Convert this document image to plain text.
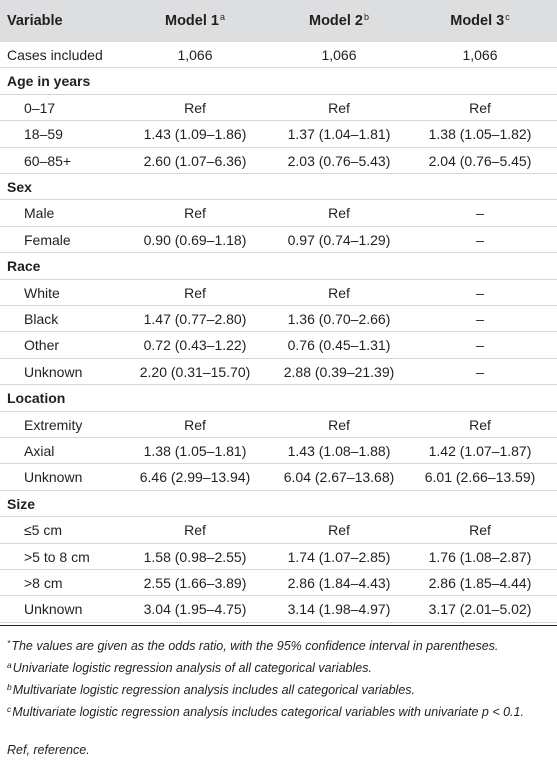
Variable	Model 1$^a$	Model 2$^b$	Model 3$^c$
Cases included	1,066	1,066	1,066
Age in years
0–17	Ref	Ref	Ref
18–59	1.43 (1.09–1.86)	1.37 (1.04–1.81)	1.38 (1.05–1.82)
60–85+	2.60 (1.07–6.36)	2.03 (0.76–5.43)	2.04 (0.76–5.45)
Sex
Male	Ref	Ref	–
Female	0.90 (0.69–1.18)	0.97 (0.74–1.29)	–
Race
White	Ref	Ref	–
Black	1.47 (0.77–2.80)	1.36 (0.70–2.66)	–
Other	0.72 (0.43–1.22)	0.76 (0.45–1.31)	–
Unknown	2.20 (0.31–15.70)	2.88 (0.39–21.39)	–
Location
Extremity	Ref	Ref	Ref
Axial	1.38 (1.05–1.81)	1.43 (1.08–1.88)	1.42 (1.07–1.87)
Unknown	6.46 (2.99–13.94)	6.04 (2.67–13.68)	6.01 (2.66–13.59)
Size
≤5 cm	Ref	Ref	Ref
>5 to 8 cm	1.58 (0.98–2.55)	1.74 (1.07–2.85)	1.76 (1.08–2.87)
>8 cm	2.55 (1.66–3.89)	2.86 (1.84–4.43)	2.86 (1.85–4.44)
Unknown	3.04 (1.95–4.75)	3.14 (1.98–4.97)	3.17 (2.01–5.02)
*The values are given as the odds ratio, with the 95% confidence interval in parentheses.
$^a$Univariate logistic regression analysis of all categorical variables.
$^b$Multivariate logistic regression analysis includes all categorical variables.
$^c$Multivariate logistic regression analysis includes categorical variables with univariate p < 0.1.
Ref, reference.
